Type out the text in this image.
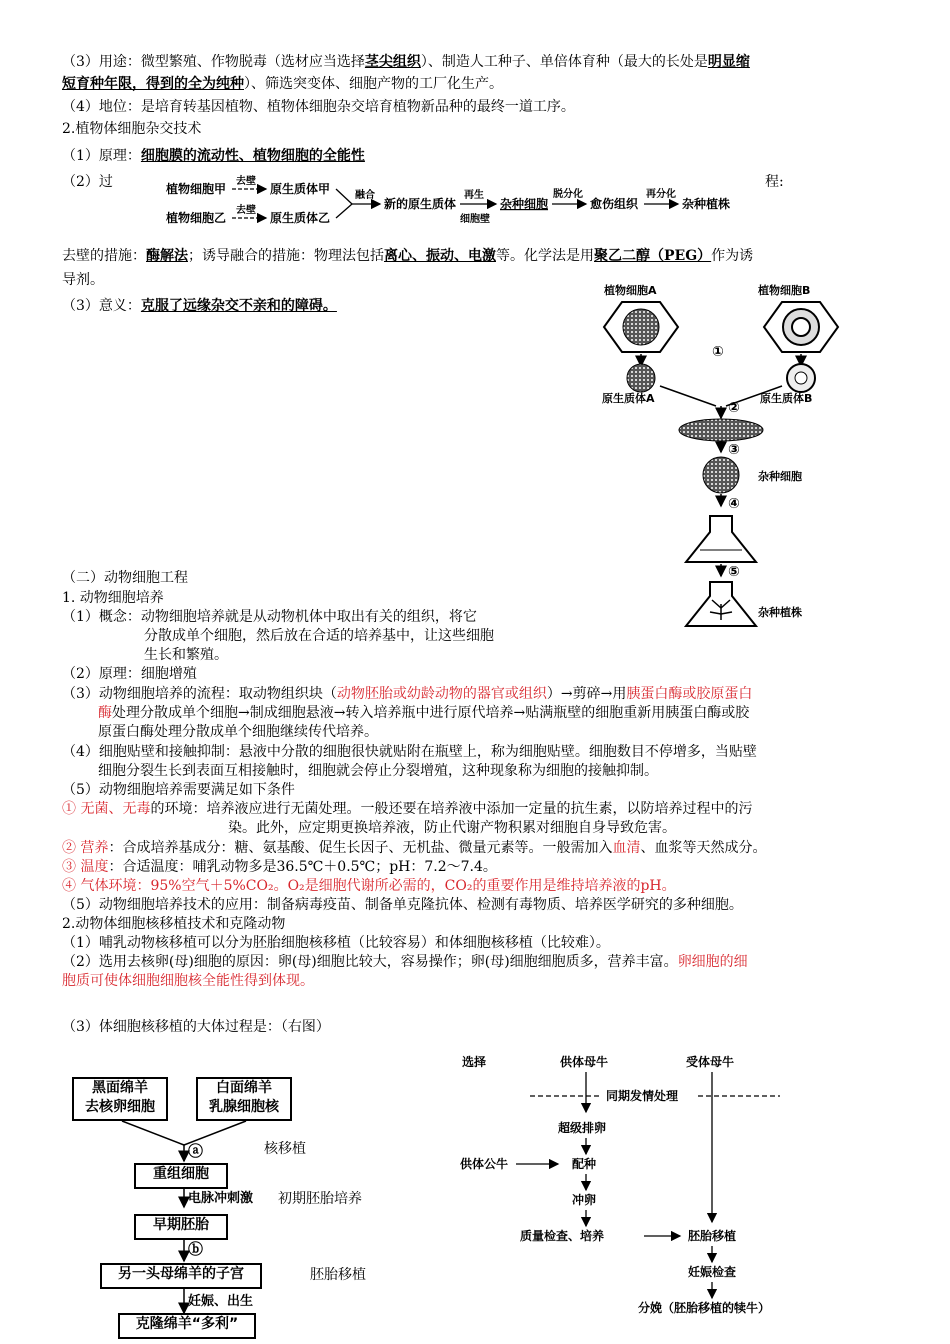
（3）用途：微型繁殖、作物脱毒（选材应当选择茎尖组织）、制造人工种子、单倍体育种（最大的长处是明显缩
短育种年限，得到的全为纯种）、筛选突变体、细胞产物的工厂化生产。
（4）地位：是培育转基因植物、植物体细胞杂交培育植物新品种的最终一道工序。
2.植物体细胞杂交技术
（1）原理：细胞膜的流动性、植物细胞的全能性
（2）过	程:
植物细胞甲
植物细胞乙
去壁
去壁
原生质体甲
原生质体乙
融合
新的原生质体
再生
细胞壁
杂种细胞
脱分化
愈伤组织
再分化
杂种植株
去壁的措施：酶解法；诱导融合的措施：物理法包括离心、振动、电激等。化学法是用聚乙二醇（PEG）作为诱
导剂。
（3）意义：克服了远缘杂交不亲和的障碍。
植物细胞A	植物细胞B
①
原生质体A	原生质体B
②
③
杂种细胞
④
⑤
杂种植株
（二）动物细胞工程
1. 动物细胞培养
（1）概念：动物细胞培养就是从动物机体中取出有关的组织，将它
分散成单个细胞，然后放在合适的培养基中，让这些细胞
生长和繁殖。
（2）原理：细胞增殖
（3）动物细胞培养的流程：取动物组织块（动物胚胎或幼龄动物的器官或组织）→剪碎→用胰蛋白酶或胶原蛋白
酶处理分散成单个细胞→制成细胞悬液→转入培养瓶中进行原代培养→贴满瓶壁的细胞重新用胰蛋白酶或胶
原蛋白酶处理分散成单个细胞继续传代培养。
（4）细胞贴壁和接触抑制：悬液中分散的细胞很快就贴附在瓶壁上，称为细胞贴壁。细胞数目不停增多，当贴壁
细胞分裂生长到表面互相接触时，细胞就会停止分裂增殖，这种现象称为细胞的接触抑制。
（5）动物细胞培养需要满足如下条件
① 无菌、无毒的环境：培养液应进行无菌处理。一般还要在培养液中添加一定量的抗生素，以防培养过程中的污
染。此外，应定期更换培养液，防止代谢产物积累对细胞自身导致危害。
② 营养：合成培养基成分：糖、氨基酸、促生长因子、无机盐、微量元素等。一般需加入血清、血浆等天然成分。
③ 温度：合适温度：哺乳动物多是36.5℃＋0.5℃；pH：7.2～7.4。
④ 气体环境：95%空气＋5%CO₂。O₂是细胞代谢所必需的，CO₂的重要作用是维持培养液的pH。
（5）动物细胞培养技术的应用：制备病毒疫苗、制备单克隆抗体、检测有毒物质、培养医学研究的多种细胞。
2.动物体细胞核移植技术和克隆动物
（1）哺乳动物核移植可以分为胚胎细胞核移植（比较容易）和体细胞核移植（比较难）。
（2）选用去核卵(母)细胞的原因：卵(母)细胞比较大，容易操作；卵(母)细胞细胞质多，营养丰富。卵细胞的细
胞质可使体细胞细胞核全能性得到体现。
（3）体细胞核移植的大体过程是：（右图）
黑面绵羊
去核卵细胞
白面绵羊
乳腺细胞核
ⓐ	核移植
重组细胞
电脉冲刺激 初期胚胎培养
早期胚胎
ⓑ
另一头母绵羊的子宫	胚胎移植
妊娠、出生
克隆绵羊“多利”
选择	供体母牛	受体母牛
同期发情处理
超级排卵
供体公牛	配种
冲卵
质量检查、培养	胚胎移植
妊娠检查
分娩（胚胎移植的犊牛）
